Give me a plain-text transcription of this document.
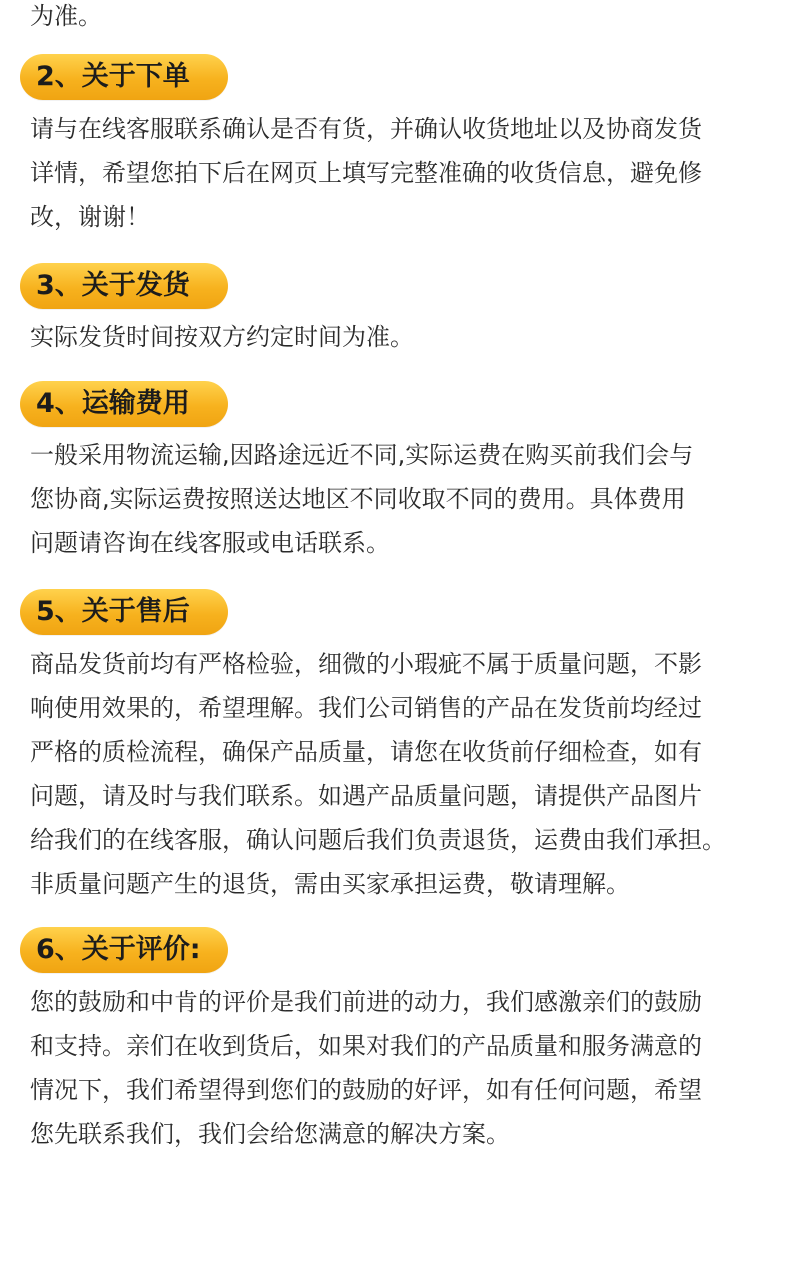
为准。
2、关于下单
请与在线客服联系确认是否有货，并确认收货地址以及协商发货
详情，希望您拍下后在网页上填写完整准确的收货信息，避免修
改，谢谢！
3、关于发货
实际发货时间按双方约定时间为准。
4、运输费用
一般采用物流运输,因路途远近不同,实际运费在购买前我们会与
您协商,实际运费按照送达地区不同收取不同的费用。具体费用
问题请咨询在线客服或电话联系。
5、关于售后
商品发货前均有严格检验，细微的小瑕疵不属于质量问题，不影
响使用效果的，希望理解。我们公司销售的产品在发货前均经过
严格的质检流程，确保产品质量，请您在收货前仔细检查，如有
问题，请及时与我们联系。如遇产品质量问题，请提供产品图片
给我们的在线客服，确认问题后我们负责退货，运费由我们承担。
非质量问题产生的退货，需由买家承担运费，敬请理解。
6、关于评价:
您的鼓励和中肯的评价是我们前进的动力，我们感激亲们的鼓励
和支持。亲们在收到货后，如果对我们的产品质量和服务满意的
情况下，我们希望得到您们的鼓励的好评，如有任何问题，希望
您先联系我们，我们会给您满意的解决方案。
